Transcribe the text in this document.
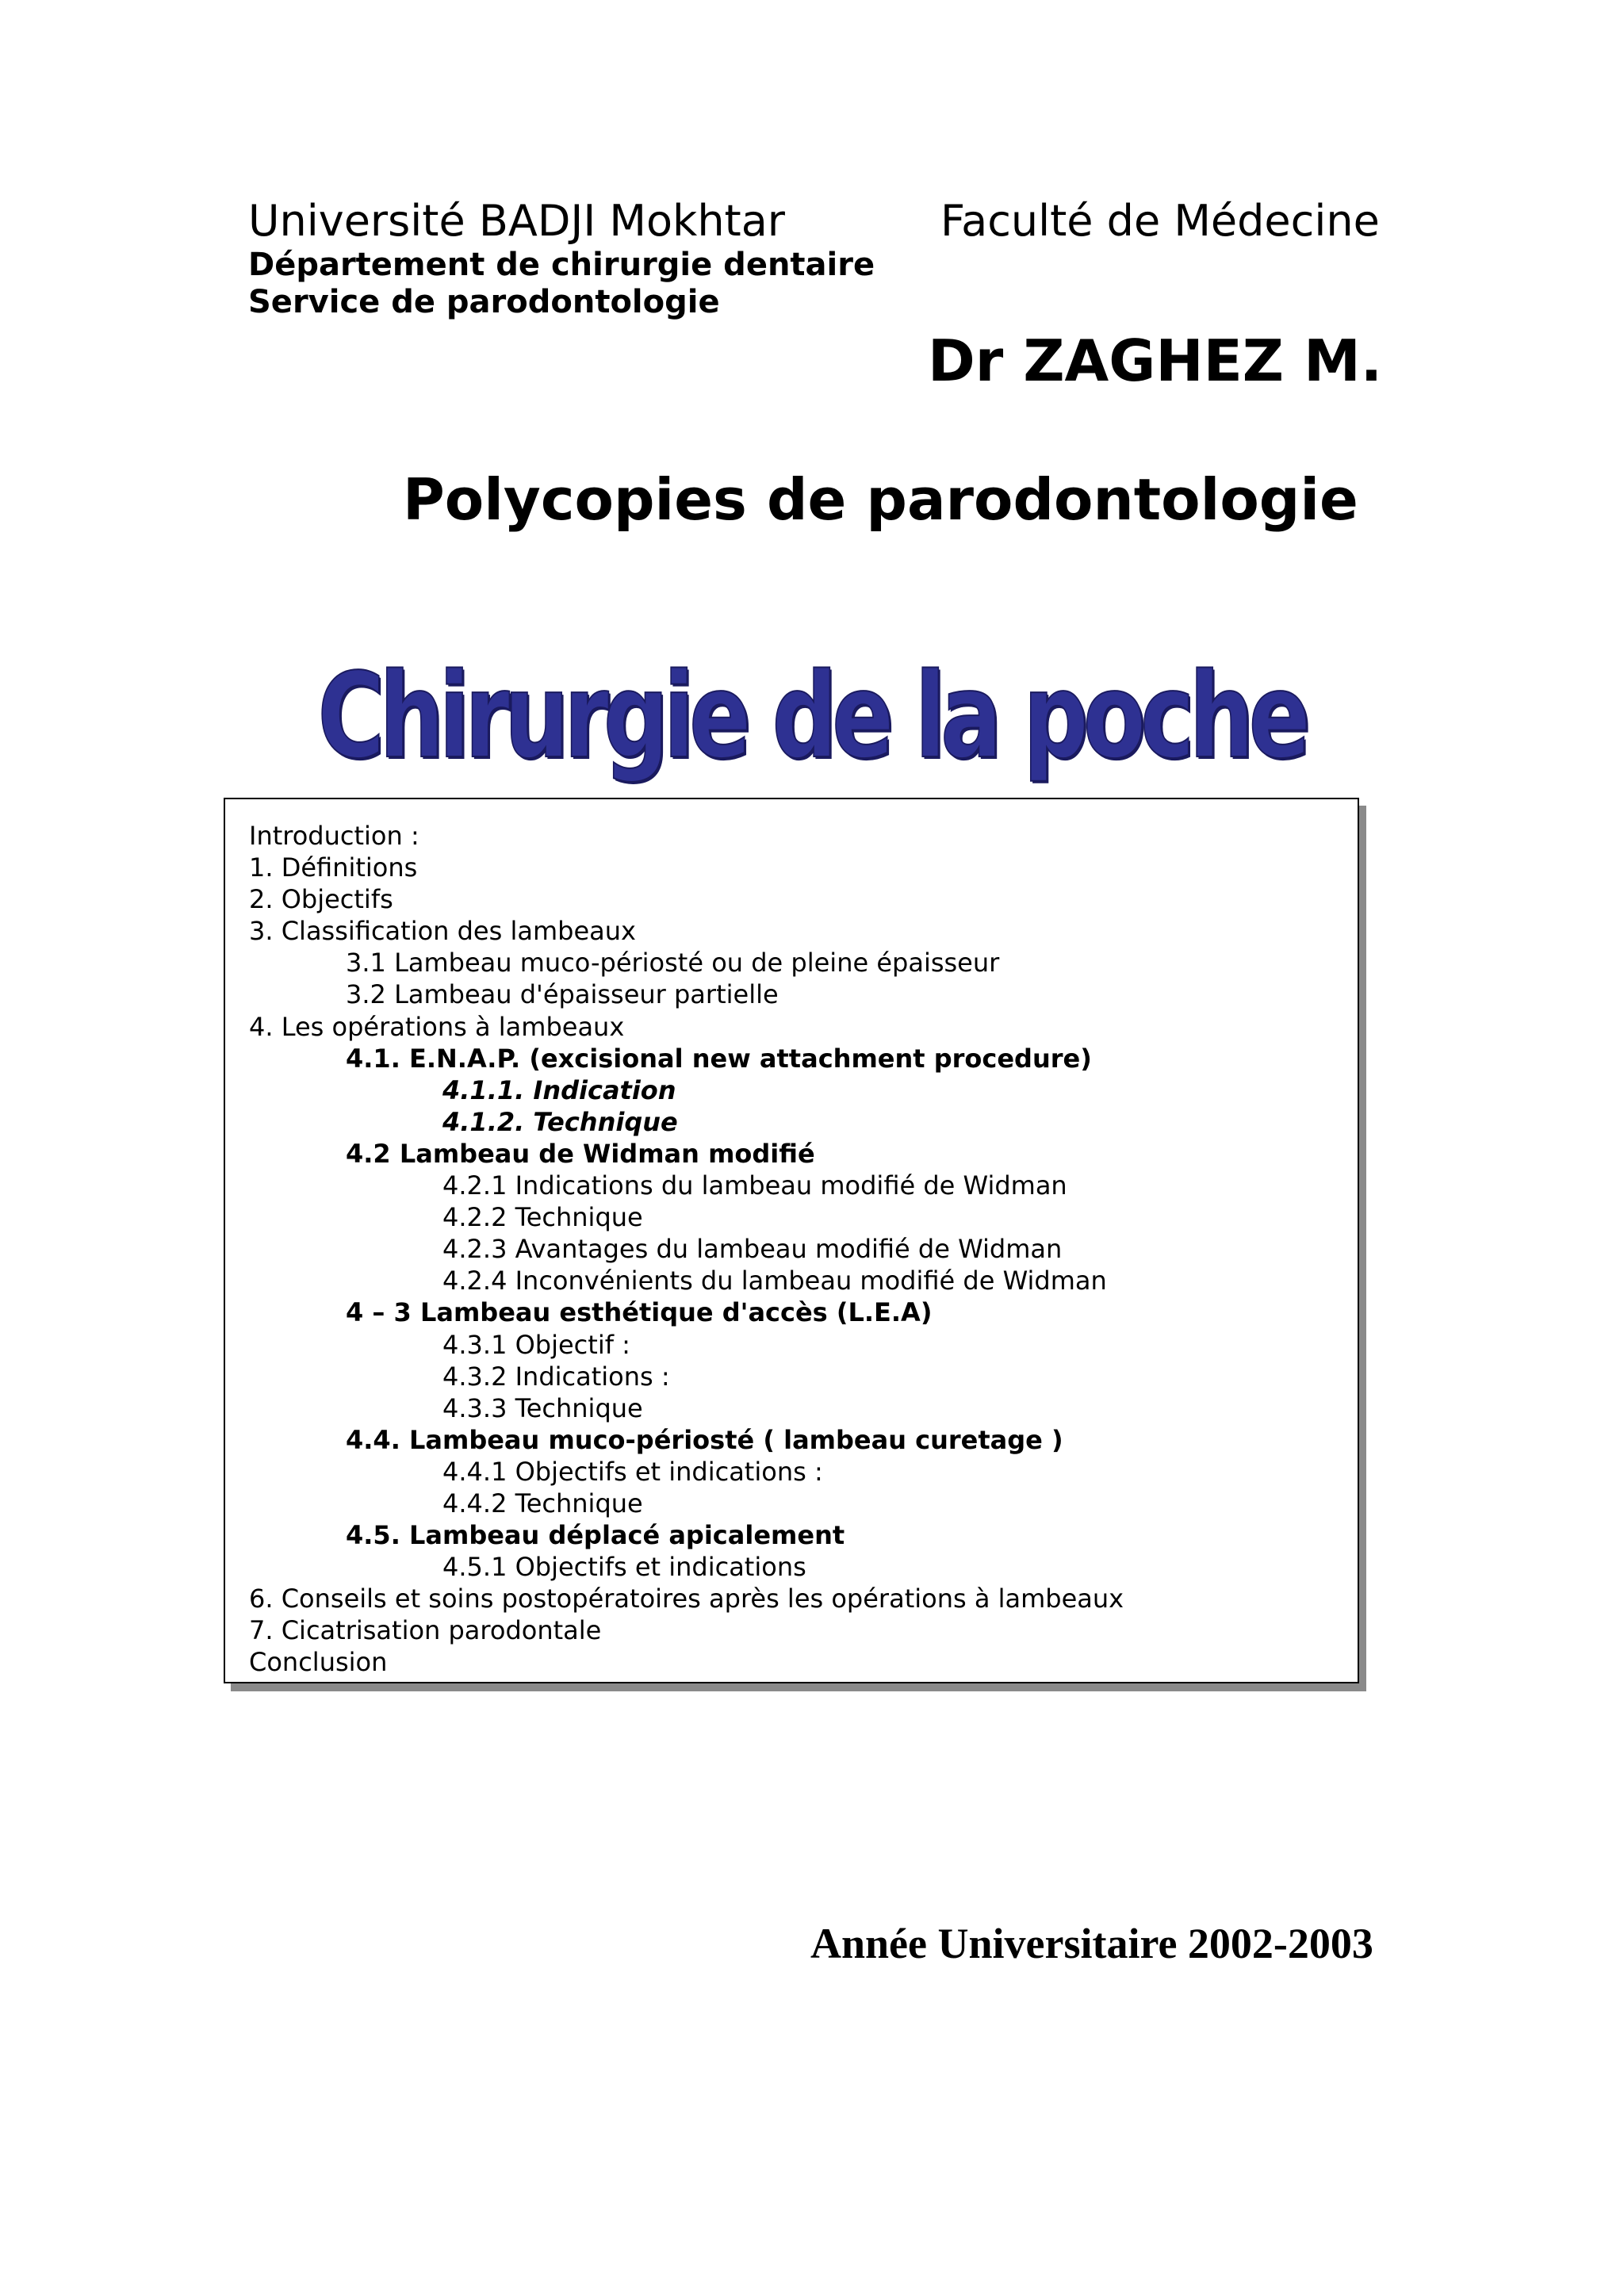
Université BADJI Mokhtar	Faculté de Médecine
Département de chirurgie dentaire
Service de parodontologie
Dr ZAGHEZ M.
Polycopies de parodontologie
Chirurgie de la poche
Introduction :
1. Définitions
2. Objectifs
3. Classification des lambeaux
3.1 Lambeau muco-périosté ou de pleine épaisseur
3.2 Lambeau d'épaisseur partielle
4. Les opérations à lambeaux
4.1. E.N.A.P. (excisional new attachment procedure)
4.1.1. Indication
4.1.2. Technique
4.2 Lambeau de Widman modifié
4.2.1 Indications du lambeau modifié de Widman
4.2.2 Technique
4.2.3 Avantages du lambeau modifié de Widman
4.2.4 Inconvénients du lambeau modifié de Widman
4 – 3 Lambeau esthétique d'accès (L.E.A)
4.3.1 Objectif :
4.3.2 Indications :
4.3.3 Technique
4.4. Lambeau muco-périosté ( lambeau curetage )
4.4.1 Objectifs et indications :
4.4.2 Technique
4.5. Lambeau déplacé apicalement
4.5.1 Objectifs et indications
6. Conseils et soins postopératoires après les opérations à lambeaux
7. Cicatrisation parodontale
Conclusion
Année Universitaire 2002-2003
